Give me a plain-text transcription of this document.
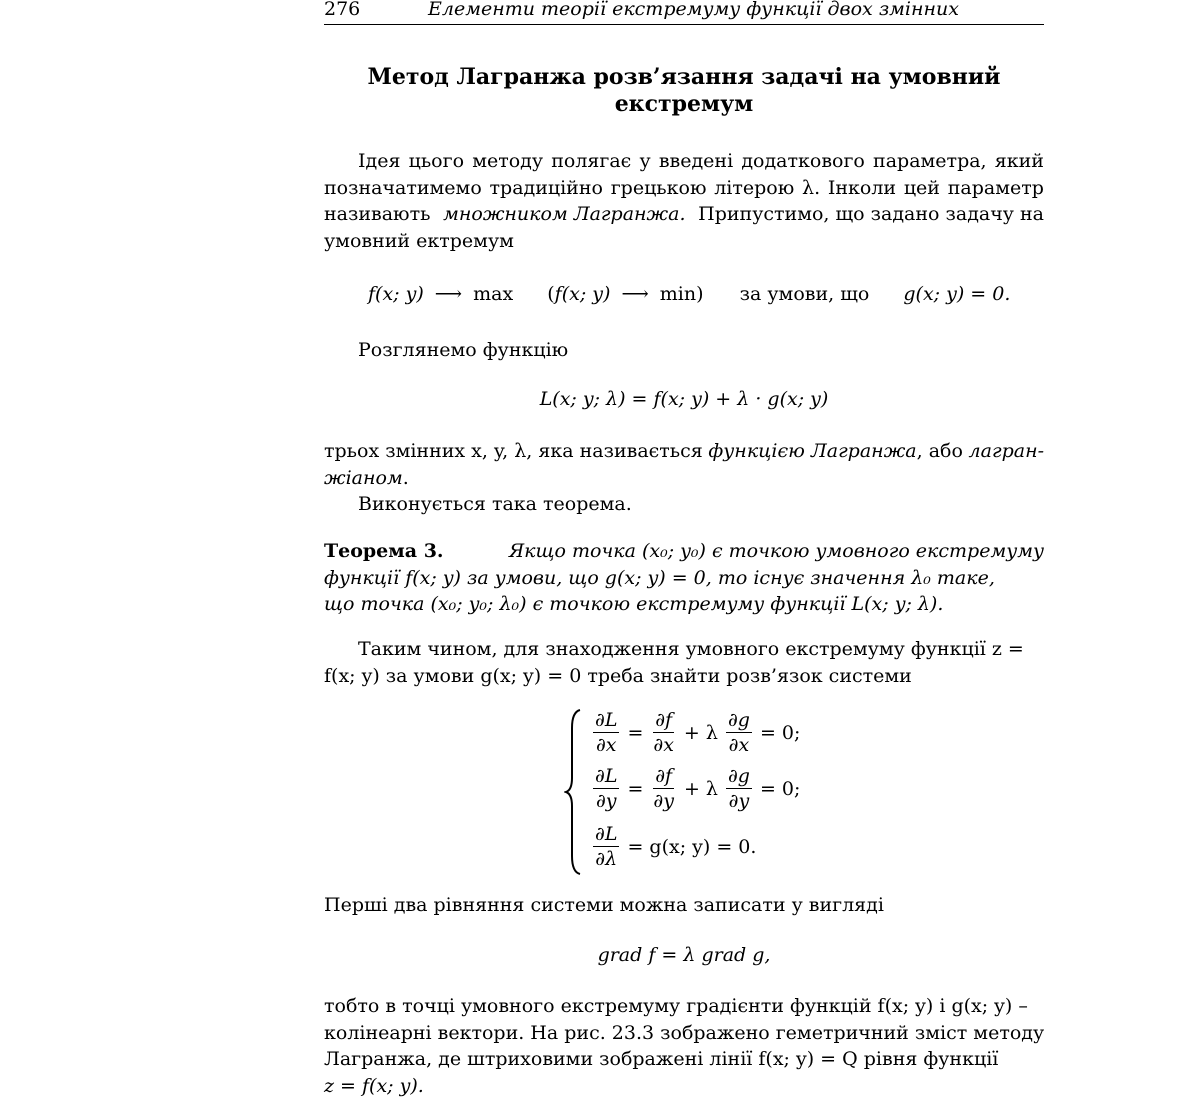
276	Елементи теорії екстремуму функції двох змінних
Метод Лагранжа розв’язання задачі на умовний
екстремум
Ідея цього методу полягає у введені додаткового параметра, який
позначатимемо традиційно грецькою літерою λ. Інколи цей параметр
називають множником Лагранжа. Припустимо, що задано задачу на
умовний ектремум
f(x; y) ⟶ max (f(x; y) ⟶ min) за умови, що g(x; y) = 0.
Розглянемо функцію
L(x; y; λ) = f(x; y) + λ · g(x; y)
трьох змінних x, y, λ, яка називається функцією Лагранжа, або лагран-
жіаном.
Виконується така теорема.
Теорема 3.	Якщо точка (x₀; y₀) є точкою умовного екстремуму
функції f(x; y) за умови, що g(x; y) = 0, то існує значення λ₀ таке,
що точка (x₀; y₀; λ₀) є точкою екстремуму функції L(x; y; λ).
Таким чином, для знаходження умовного екстремуму функції z =
f(x; y) за умови g(x; y) = 0 треба знайти розв’язок системи
$\frac{\partial L}{\partial x} = \frac{\partial f}{\partial x} + \lambda \frac{\partial g}{\partial x} = 0$;
$\frac{\partial L}{\partial y} = \frac{\partial f}{\partial y} + \lambda \frac{\partial g}{\partial y} = 0$;
$\frac{\partial L}{\partial\lambda} = g(x$; y) = 0.
Перші два рівняння системи можна записати у вигляді
grad f = λ grad g,
тобто в точці умовного екстремуму градієнти функцій f(x; y) і g(x; y) –
колінеарні вектори. На рис. 23.3 зображено геметричний зміст методу
Лагранжа, де штриховими зображені лінії f(x; y) = Q рівня функції
z = f(x; y).
